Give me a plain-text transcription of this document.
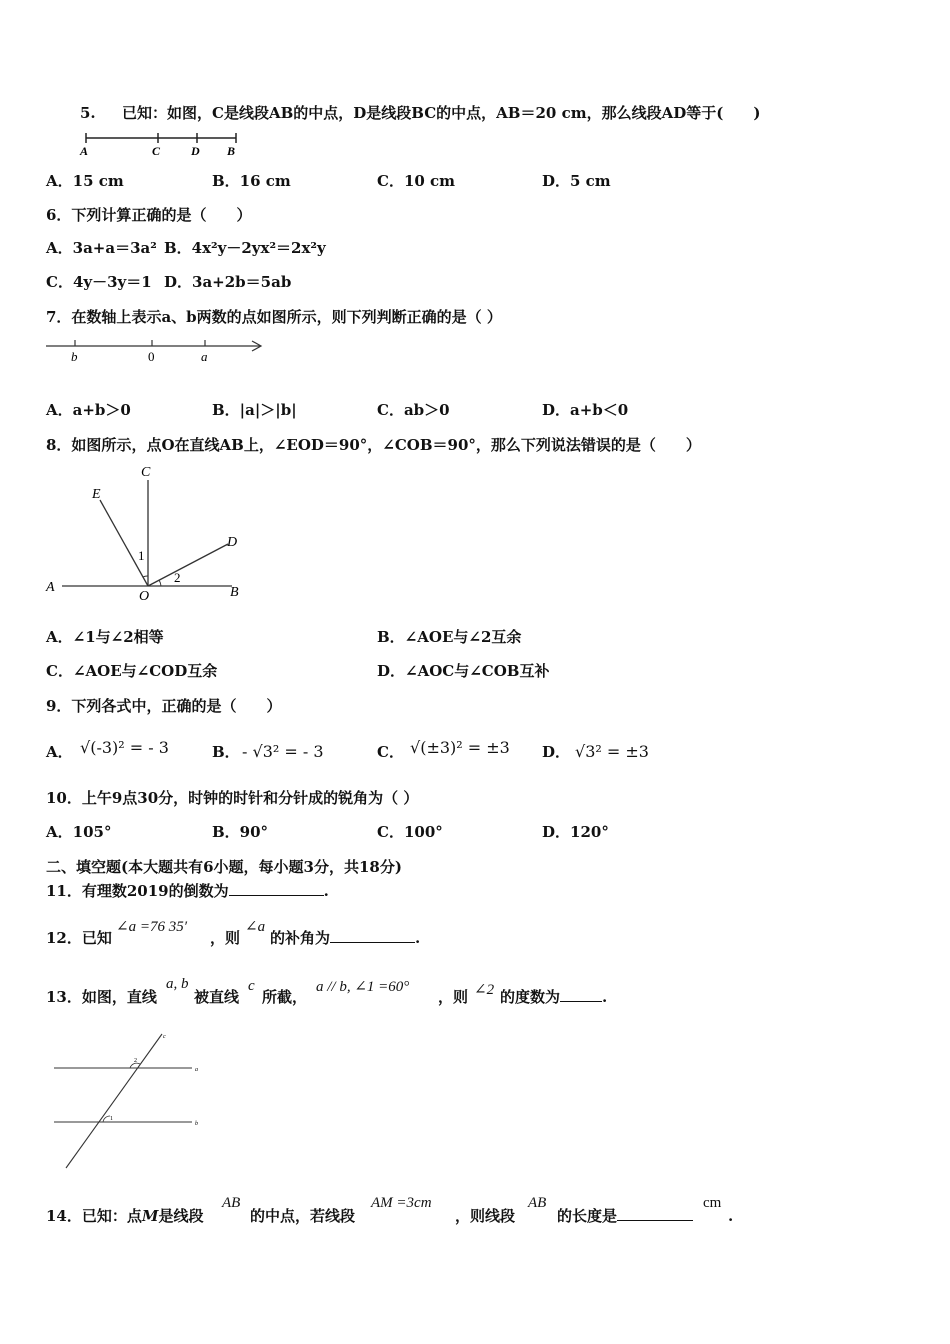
5. 已知：如图，C是线段AB的中点，D是线段BC的中点，AB＝20 cm，那么线段AD等于(　　)
A	C	D B
A．15 cm	B．16 cm	C．10 cm	D．5 cm
6．下列计算正确的是（　　）
A．3a+a＝3a² B．4x²y－2yx²＝2x²y
C．4y－3y＝1 D．3a+2b＝5ab
7．在数轴上表示a、b两数的点如图所示，则下列判断正确的是（ ）
b	0	a
A．a+b＞0	B．|a|＞|b|	C．ab＞0	D．a+b＜0
8．如图所示，点O在直线AB上，∠EOD＝90°，∠COB＝90°，那么下列说法错误的是（　　）
A
O	B
C
D
E
1
2
A．∠1与∠2相等	B．∠AOE与∠2互余
C．∠AOE与∠COD互余	D．∠AOC与∠COB互补
9．下列各式中，正确的是（　　）
A． √(-3)² = - 3	B． - √3² = - 3	C． √(±3)² = ±3 D． √3² = ±3
10．上午9点30分，时钟的时针和分针成的锐角为（ ）
A．105°	B．90°	C．100°	D．120°
二、填空题(本大题共有6小题，每小题3分，共18分)
11．有理数2019的倒数为	.
12．已知
∠a =76 35′
，则
∠a
的补角为	.
13．如图，直线
a, b
被直线
c
所截，
a // b, ∠1 =60°
，则 ∠2 的度数为	.
a
b
c
1
2
14．已知：点M是线段
AB
的中点，若线段
AM =3cm
，则线段
AB
的长度是
cm
.
